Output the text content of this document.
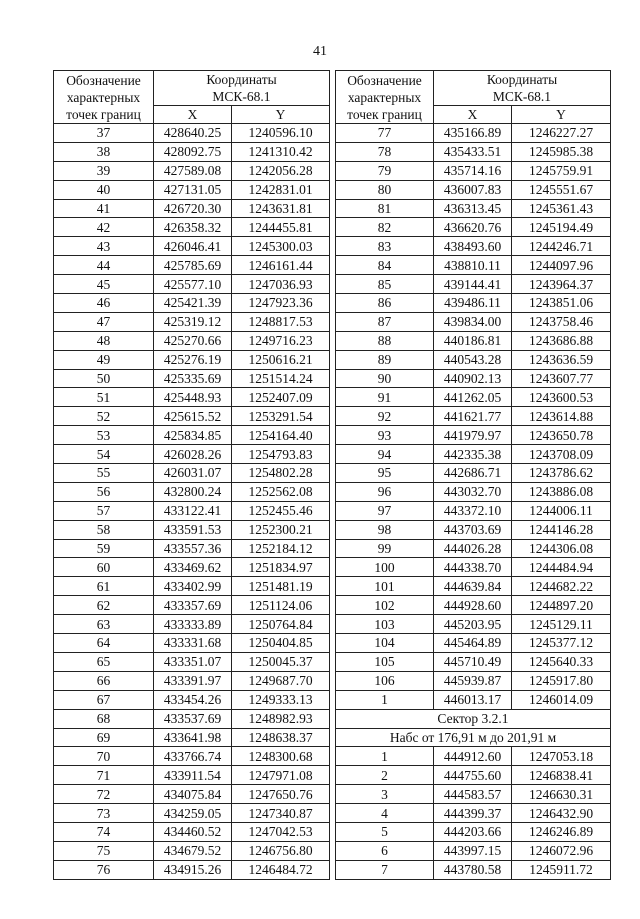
41
Обозначение характерных точек границ	Координаты МСК-68.1	
	X	Y
37	428640.25	1240596.10
38	428092.75	1241310.42
39	427589.08	1242056.28
40	427131.05	1242831.01
41	426720.30	1243631.81
42	426358.32	1244455.81
43	426046.41	1245300.03
44	425785.69	1246161.44
45	425577.10	1247036.93
46	425421.39	1247923.36
47	425319.12	1248817.53
48	425270.66	1249716.23
49	425276.19	1250616.21
50	425335.69	1251514.24
51	425448.93	1252407.09
52	425615.52	1253291.54
53	425834.85	1254164.40
54	426028.26	1254793.83
55	426031.07	1254802.28
56	432800.24	1252562.08
57	433122.41	1252455.46
58	433591.53	1252300.21
59	433557.36	1252184.12
60	433469.62	1251834.97
61	433402.99	1251481.19
62	433357.69	1251124.06
63	433333.89	1250764.84
64	433331.68	1250404.85
65	433351.07	1250045.37
66	433391.97	1249687.70
67	433454.26	1249333.13
68	433537.69	1248982.93
69	433641.98	1248638.37
70	433766.74	1248300.68
71	433911.54	1247971.08
72	434075.84	1247650.76
73	434259.05	1247340.87
74	434460.52	1247042.53
75	434679.52	1246756.80
76	434915.26	1246484.72
Обозначение характерных точек границ	Координаты МСК-68.1	
	X	Y
77	435166.89	1246227.27
78	435433.51	1245985.38
79	435714.16	1245759.91
80	436007.83	1245551.67
81	436313.45	1245361.43
82	436620.76	1245194.49
83	438493.60	1244246.71
84	438810.11	1244097.96
85	439144.41	1243964.37
86	439486.11	1243851.06
87	439834.00	1243758.46
88	440186.81	1243686.88
89	440543.28	1243636.59
90	440902.13	1243607.77
91	441262.05	1243600.53
92	441621.77	1243614.88
93	441979.97	1243650.78
94	442335.38	1243708.09
95	442686.71	1243786.62
96	443032.70	1243886.08
97	443372.10	1244006.11
98	443703.69	1244146.28
99	444026.28	1244306.08
100	444338.70	1244484.94
101	444639.84	1244682.22
102	444928.60	1244897.20
103	445203.95	1245129.11
104	445464.89	1245377.12
105	445710.49	1245640.33
106	445939.87	1245917.80
1	446013.17	1246014.09
Сектор 3.2.1		
Набс от 176,91 м до 201,91 м		
1	444912.60	1247053.18
2	444755.60	1246838.41
3	444583.57	1246630.31
4	444399.37	1246432.90
5	444203.66	1246246.89
6	443997.15	1246072.96
7	443780.58	1245911.72
